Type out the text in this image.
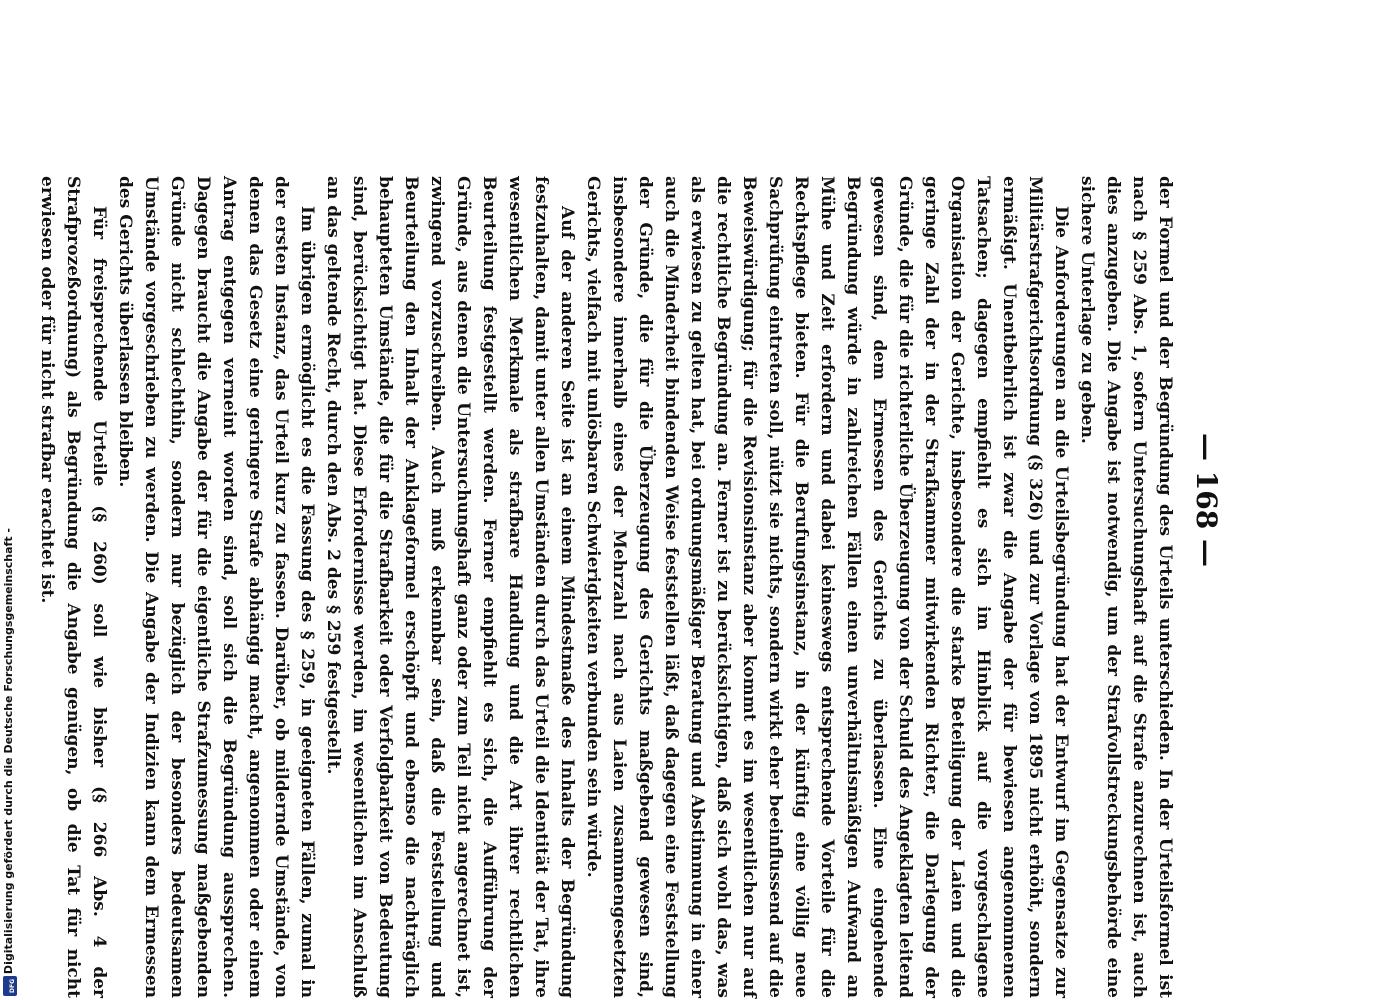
Digitalisierung gefördert durch die Deutsche Forschungsgemeinschaft -
DFG
— 168 —

der Formel und der Begründung des Urteils unterschieden. In der Urteilsformel ist nach § 259 Abs. 1, sofern Untersuchungshaft auf die Strafe anzurechnen ist, auch dies anzugeben. Die Angabe ist notwendig, um der Strafvollstreckungsbehörde eine sichere Unterlage zu geben.

Die Anforderungen an die Urteilsbegründung hat der Entwurf im Gegensatze zur Militärstrafgerichtsordnung (§ 326) und zur Vorlage von 1895 nicht erhöht, sondern ermäßigt. Unentbehrlich ist zwar die Angabe der für bewiesen angenommenen Tatsachen; dagegen empfiehlt es sich im Hinblick auf die vorgeschlagene Organisation der Gerichte, insbesondere die starke Beteiligung der Laien und die geringe Zahl der in der Strafkammer mitwirkenden Richter, die Darlegung der Gründe, die für die richterliche Überzeugung von der Schuld des Angeklagten leitend gewesen sind, dem Ermessen des Gerichts zu überlassen. Eine eingehende Begründung würde in zahlreichen Fällen einen unverhältnismäßigen Aufwand an Mühe und Zeit erfordern und dabei keineswegs entsprechende Vorteile für die Rechtspflege bieten. Für die Berufungsinstanz, in der künftig eine völlig neue Sachprüfung eintreten soll, nützt sie nichts, sondern wirkt eher beeinflussend auf die Beweiswürdigung; für die Revisionsinstanz aber kommt es im wesentlichen nur auf die rechtliche Begründung an. Ferner ist zu berücksichtigen, daß sich wohl das, was als erwiesen zu gelten hat, bei ordnungsmäßiger Beratung und Abstimmung in einer auch die Minderheit bindenden Weise feststellen läßt, daß dagegen eine Feststellung der Gründe, die für die Überzeugung des Gerichts maßgebend gewesen sind, insbesondere innerhalb eines der Mehrzahl nach aus Laien zusammengesetzten Gerichts, vielfach mit unlösbaren Schwierigkeiten verbunden sein würde.

Auf der anderen Seite ist an einem Mindestmaße des Inhalts der Begründung festzuhalten, damit unter allen Umständen durch das Urteil die Identität der Tat, ihre wesentlichen Merkmale als strafbare Handlung und die Art ihrer rechtlichen Beurteilung festgestellt werden. Ferner empfiehlt es sich, die Aufführung der Gründe, aus denen die Untersuchungshaft ganz oder zum Teil nicht angerechnet ist, zwingend vorzuschreiben. Auch muß erkennbar sein, daß die Feststellung und Beurteilung den Inhalt der Anklageformel erschöpft und ebenso die nachträglich behaupteten Umstände, die für die Strafbarkeit oder Verfolgbarkeit von Bedeutung sind, berücksichtigt hat. Diese Erfordernisse werden, im wesentlichen im Anschluß an das geltende Recht, durch den Abs. 2 des § 259 festgestellt.

Im übrigen ermöglicht es die Fassung des § 259, in geeigneten Fällen, zumal in der ersten Instanz, das Urteil kurz zu fassen. Darüber, ob mildernde Umstände, von denen das Gesetz eine geringere Strafe abhängig macht, angenommen oder einem Antrag entgegen verneint worden sind, soll sich die Begründung aussprechen. Dagegen braucht die Angabe der für die eigentliche Strafzumessung maßgebenden Gründe nicht schlechthin, sondern nur bezüglich der besonders bedeutsamen Umstände vorgeschrieben zu werden. Die Angabe der Indizien kann dem Ermessen des Gerichts überlassen bleiben.

Für freisprechende Urteile (§ 260) soll wie bisher (§ 266 Abs. 4 der Strafprozeßordnung) als Begründung die Angabe genügen, ob die Tat für nicht erwiesen oder für nicht strafbar erachtet ist.
